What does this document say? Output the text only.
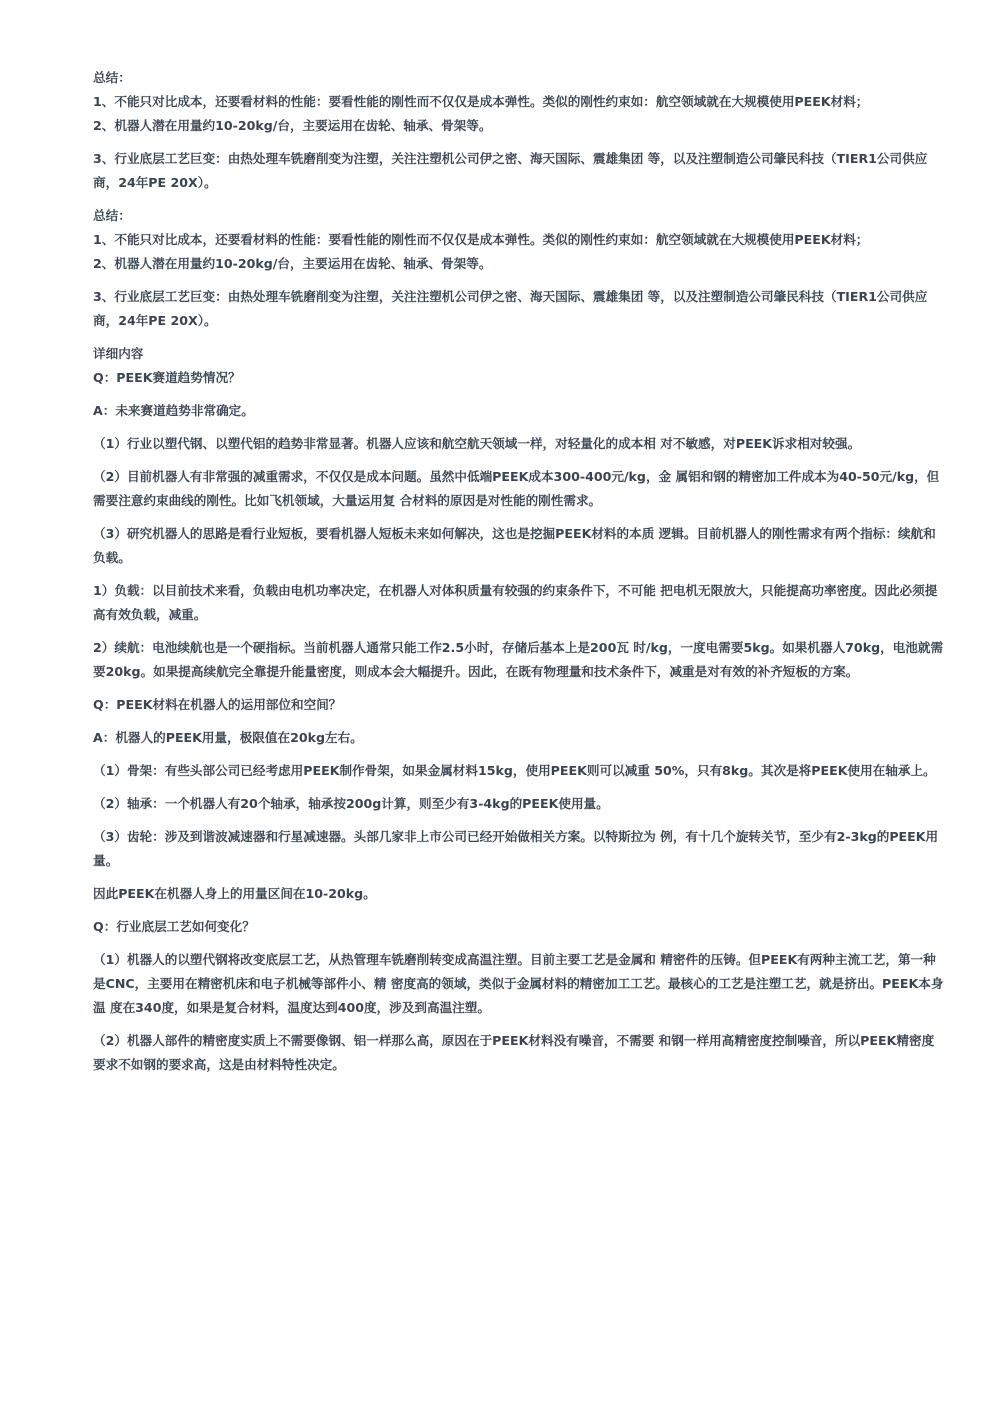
总结：

1、不能只对比成本，还要看材料的性能：要看性能的刚性而不仅仅是成本弹性。类似的刚性约束如：航空领域就在大规模使用PEEK材料；

2、机器人潜在用量约10-20kg/台，主要运用在齿轮、轴承、骨架等。

3、行业底层工艺巨变：由热处理车铣磨削变为注塑，关注注塑机公司伊之密、海天国际、震雄集团 等，以及注塑制造公司肇民科技（TIER1公司供应商，24年PE 20X）。

总结：

1、不能只对比成本，还要看材料的性能：要看性能的刚性而不仅仅是成本弹性。类似的刚性约束如：航空领域就在大规模使用PEEK材料；

2、机器人潜在用量约10-20kg/台，主要运用在齿轮、轴承、骨架等。

3、行业底层工艺巨变：由热处理车铣磨削变为注塑，关注注塑机公司伊之密、海天国际、震雄集团 等，以及注塑制造公司肇民科技（TIER1公司供应商，24年PE 20X）。

详细内容

Q：PEEK赛道趋势情况？

A：未来赛道趋势非常确定。

（1）行业以塑代钢、以塑代铝的趋势非常显著。机器人应该和航空航天领域一样，对轻量化的成本相 对不敏感，对PEEK诉求相对较强。

（2）目前机器人有非常强的减重需求，不仅仅是成本问题。虽然中低端PEEK成本300-400元/kg，金 属铝和钢的精密加工件成本为40-50元/kg，但需要注意约束曲线的刚性。比如飞机领域，大量运用复 合材料的原因是对性能的刚性需求。

（3）研究机器人的思路是看行业短板，要看机器人短板未来如何解决，这也是挖掘PEEK材料的本质 逻辑。目前机器人的刚性需求有两个指标：续航和负载。

1）负载：以目前技术来看，负载由电机功率决定，在机器人对体积质量有较强的约束条件下，不可能 把电机无限放大，只能提高功率密度。因此必须提高有效负载，减重。

2）续航：电池续航也是一个硬指标。当前机器人通常只能工作2.5小时，存储后基本上是200瓦 时/kg，一度电需要5kg。如果机器人70kg，电池就需要20kg。如果提高续航完全靠提升能量密度，则成本会大幅提升。因此，在既有物理量和技术条件下，减重是对有效的补齐短板的方案。

Q：PEEK材料在机器人的运用部位和空间？

A：机器人的PEEK用量，极限值在20kg左右。

（1）骨架：有些头部公司已经考虑用PEEK制作骨架，如果金属材料15kg，使用PEEK则可以减重 50%，只有8kg。其次是将PEEK使用在轴承上。

（2）轴承：一个机器人有20个轴承，轴承按200g计算，则至少有3-4kg的PEEK使用量。

（3）齿轮：涉及到谐波减速器和行星减速器。头部几家非上市公司已经开始做相关方案。以特斯拉为 例，有十几个旋转关节，至少有2-3kg的PEEK用量。

因此PEEK在机器人身上的用量区间在10-20kg。

Q：行业底层工艺如何变化？

（1）机器人的以塑代钢将改变底层工艺，从热管理车铣磨削转变成高温注塑。目前主要工艺是金属和 精密件的压铸。但PEEK有两种主流工艺，第一种是CNC，主要用在精密机床和电子机械等部件小、精 密度高的领域，类似于金属材料的精密加工工艺。最核心的工艺是注塑工艺，就是挤出。PEEK本身温 度在340度，如果是复合材料，温度达到400度，涉及到高温注塑。

（2）机器人部件的精密度实质上不需要像钢、铝一样那么高，原因在于PEEK材料没有噪音，不需要 和钢一样用高精密度控制噪音，所以PEEK精密度要求不如钢的要求高，这是由材料特性决定。
